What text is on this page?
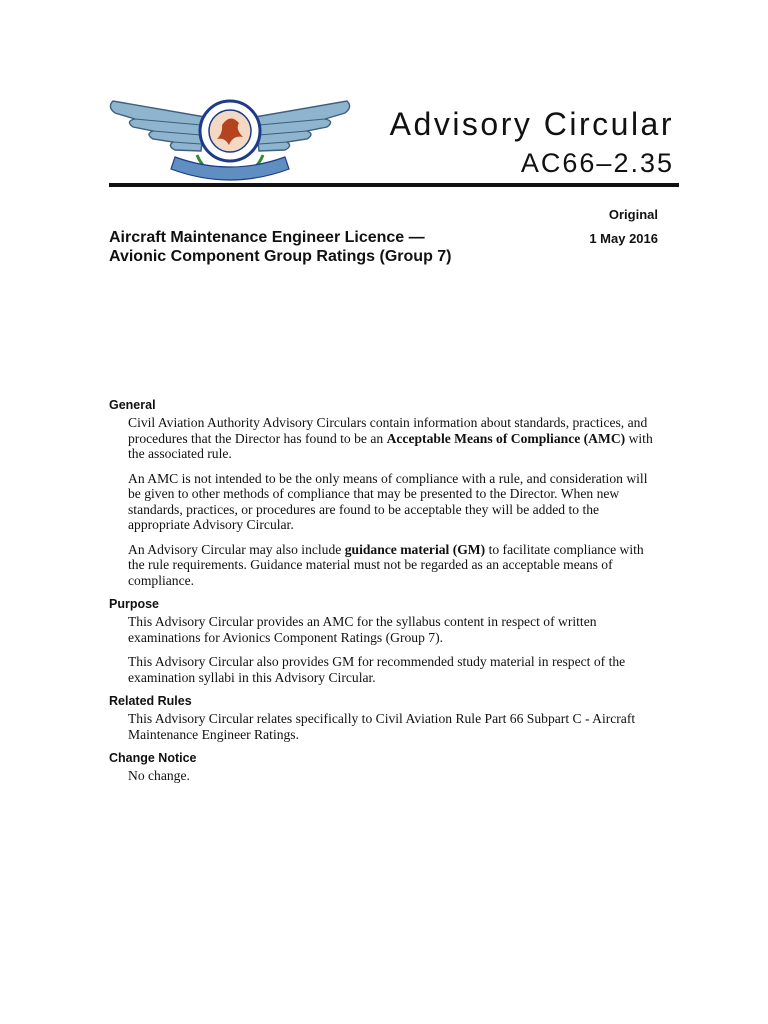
Advisory Circular
AC66–2.35
Original
1 May 2016
Aircraft Maintenance Engineer Licence —
Avionic Component Group Ratings (Group 7)
General

Civil Aviation Authority Advisory Circulars contain information about standards, practices, and procedures that the Director has found to be an Acceptable Means of Compliance (AMC) with the associated rule.

An AMC is not intended to be the only means of compliance with a rule, and consideration will be given to other methods of compliance that may be presented to the Director. When new standards, practices, or procedures are found to be acceptable they will be added to the appropriate Advisory Circular.

An Advisory Circular may also include guidance material (GM) to facilitate compliance with the rule requirements. Guidance material must not be regarded as an acceptable means of compliance.

Purpose

This Advisory Circular provides an AMC for the syllabus content in respect of written examinations for Avionics Component Ratings (Group 7).

This Advisory Circular also provides GM for recommended study material in respect of the examination syllabi in this Advisory Circular.

Related Rules

This Advisory Circular relates specifically to Civil Aviation Rule Part 66 Subpart C - Aircraft Maintenance Engineer Ratings.

Change Notice

No change.
